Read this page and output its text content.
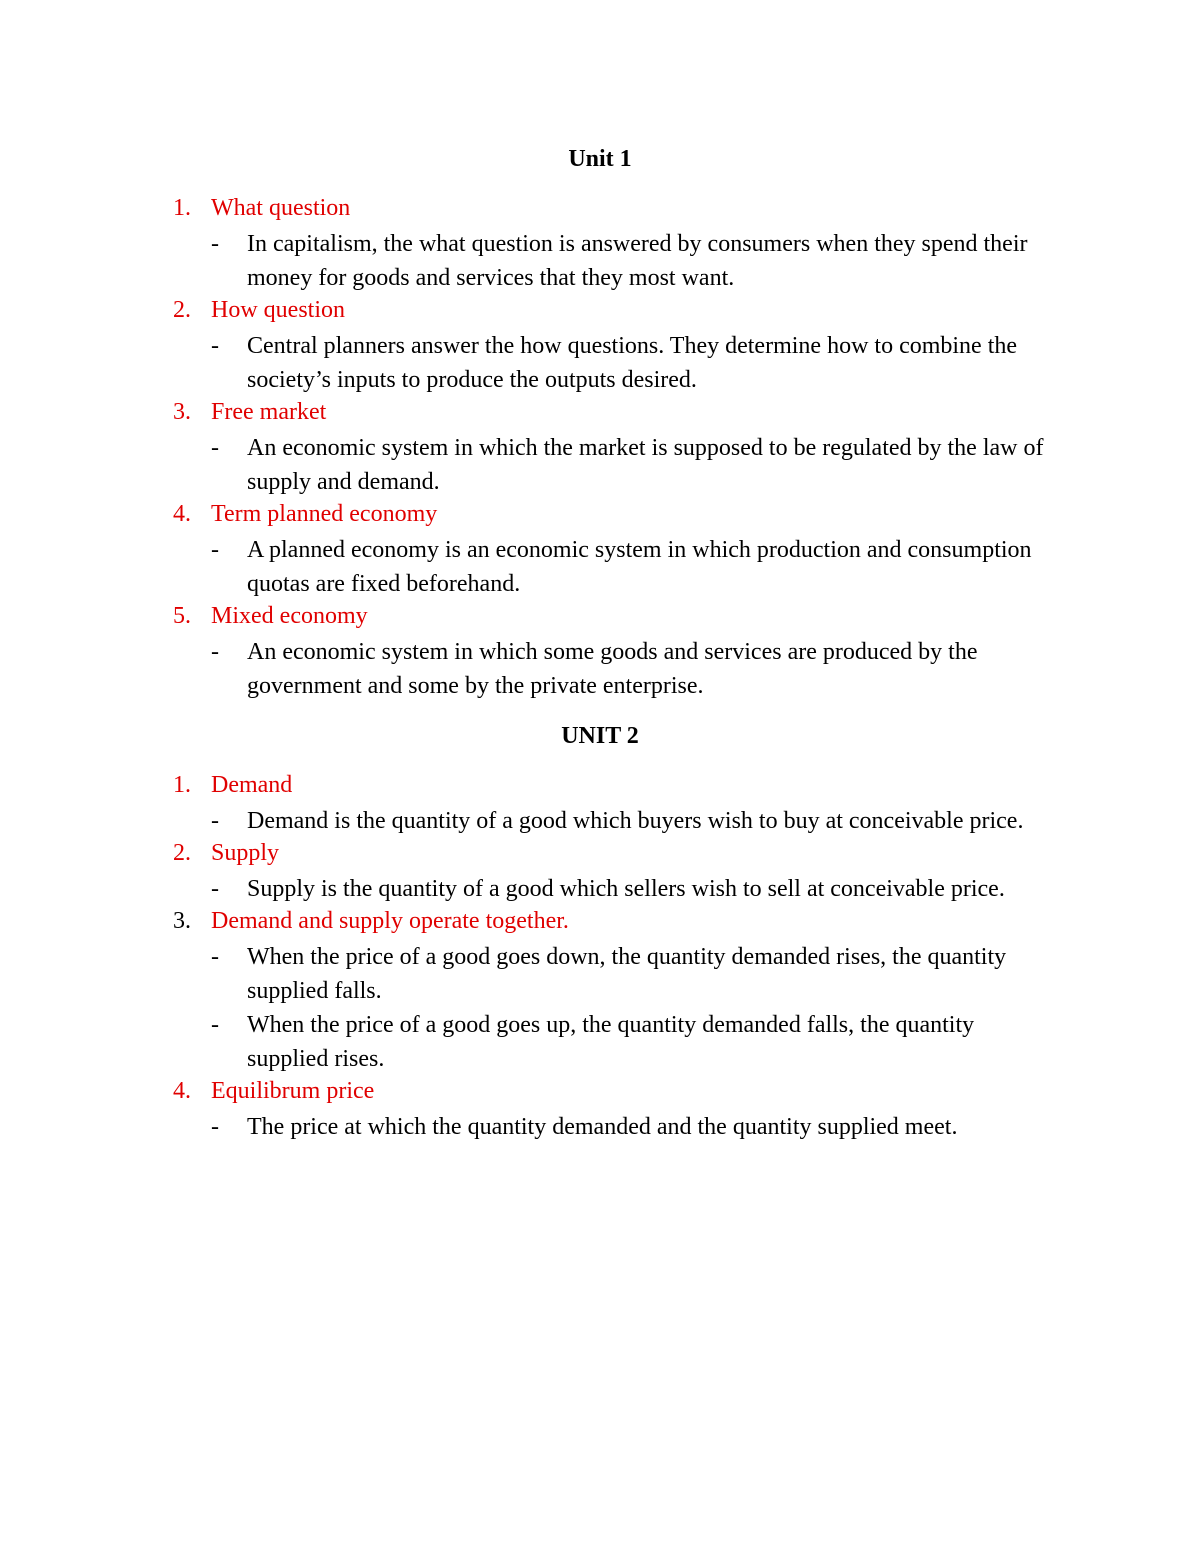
Unit 1
1. What question
- In capitalism, the what question is answered by consumers when they spend their money for goods and services that they most want.
2. How question
- Central planners answer the how questions. They determine how to combine the society’s inputs to produce the outputs desired.
3. Free market
- An economic system in which the market is supposed to be regulated by the law of supply and demand.
4. Term planned economy
- A planned economy is an economic system in which production and consumption quotas are fixed beforehand.
5. Mixed economy
- An economic system in which some goods and services are produced by the government and some by the private enterprise.
UNIT 2
1. Demand
- Demand is the quantity of a good which buyers wish to buy at conceivable price.
2. Supply
- Supply is the quantity of a good which sellers wish to sell at conceivable price.
3. Demand and supply operate together.
- When the price of a good goes down, the quantity demanded rises, the quantity supplied falls.
- When the price of a good goes up, the quantity demanded falls, the quantity supplied rises.
4. Equilibrum price
- The price at which the quantity demanded and the quantity supplied meet.
